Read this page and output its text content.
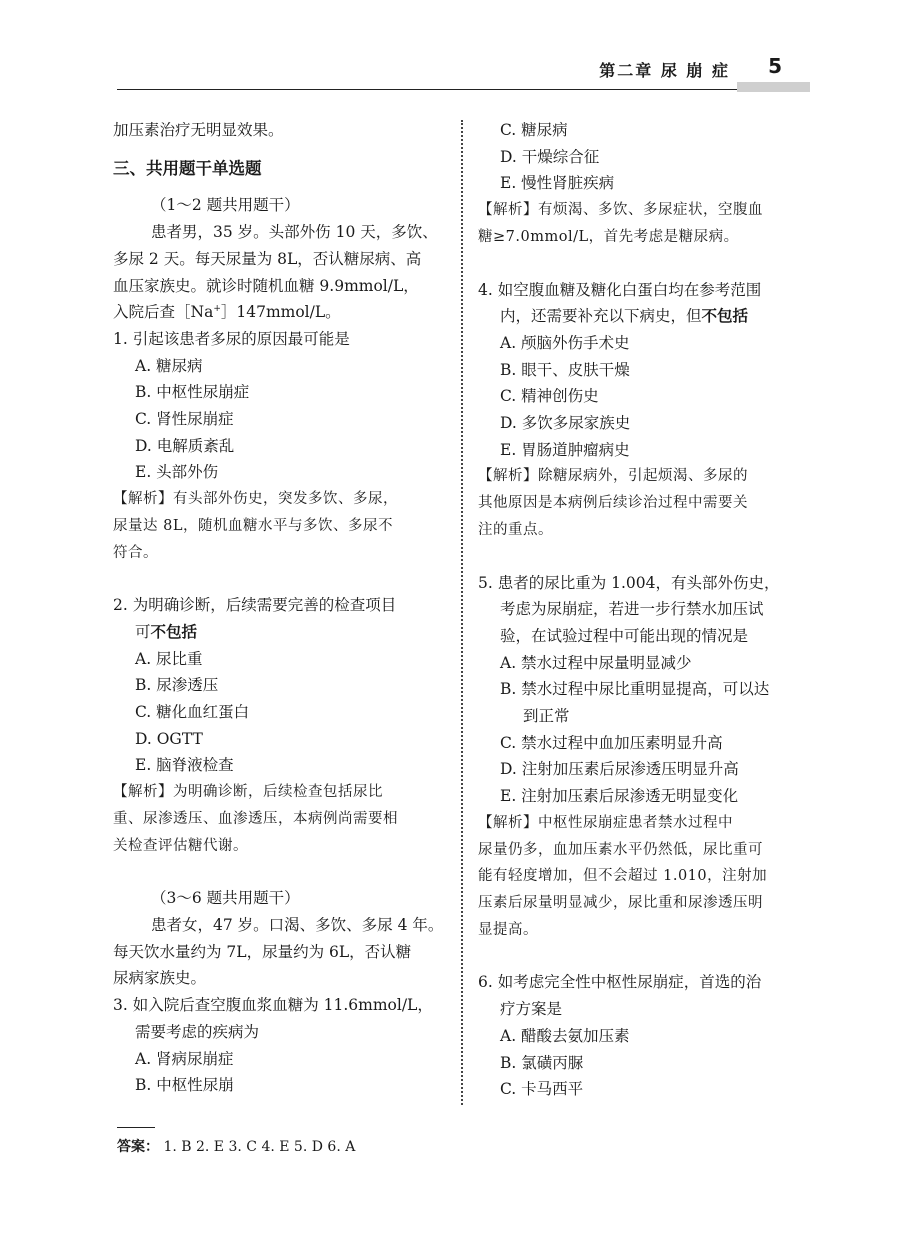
第二章 尿 崩 症 5
加压素治疗无明显效果。
三、共用题干单选题
（1～2 题共用题干）
患者男，35 岁。头部外伤 10 天，多饮、
多尿 2 天。每天尿量为 8L，否认糖尿病、高
血压家族史。就诊时随机血糖 9.9mmol/L，
入院后查［Na+］147mmol/L。
1. 引起该患者多尿的原因最可能是
A. 糖尿病
B. 中枢性尿崩症
C. 肾性尿崩症
D. 电解质紊乱
E. 头部外伤
【解析】有头部外伤史，突发多饮、多尿，
尿量达 8L，随机血糖水平与多饮、多尿不
符合。
2. 为明确诊断，后续需要完善的检查项目
可不包括
A. 尿比重
B. 尿渗透压
C. 糖化血红蛋白
D. OGTT
E. 脑脊液检查
【解析】为明确诊断，后续检查包括尿比
重、尿渗透压、血渗透压，本病例尚需要相
关检查评估糖代谢。
（3～6 题共用题干）
患者女，47 岁。口渴、多饮、多尿 4 年。
每天饮水量约为 7L，尿量约为 6L，否认糖
尿病家族史。
3. 如入院后查空腹血浆血糖为 11.6mmol/L，
需要考虑的疾病为
A. 肾病尿崩症
B. 中枢性尿崩
C. 糖尿病
D. 干燥综合征
E. 慢性肾脏疾病
【解析】有烦渴、多饮、多尿症状，空腹血
糖≥7.0mmol/L，首先考虑是糖尿病。
4. 如空腹血糖及糖化白蛋白均在参考范围
内，还需要补充以下病史，但不包括
A. 颅脑外伤手术史
B. 眼干、皮肤干燥
C. 精神创伤史
D. 多饮多尿家族史
E. 胃肠道肿瘤病史
【解析】除糖尿病外，引起烦渴、多尿的
其他原因是本病例后续诊治过程中需要关
注的重点。
5. 患者的尿比重为 1.004，有头部外伤史，
考虑为尿崩症，若进一步行禁水加压试
验，在试验过程中可能出现的情况是
A. 禁水过程中尿量明显减少
B. 禁水过程中尿比重明显提高，可以达
到正常
C. 禁水过程中血加压素明显升高
D. 注射加压素后尿渗透压明显升高
E. 注射加压素后尿渗透无明显变化
【解析】中枢性尿崩症患者禁水过程中
尿量仍多，血加压素水平仍然低，尿比重可
能有轻度增加，但不会超过 1.010，注射加
压素后尿量明显减少，尿比重和尿渗透压明
显提高。
6. 如考虑完全性中枢性尿崩症，首选的治
疗方案是
A. 醋酸去氨加压素
B. 氯磺丙脲
C. 卡马西平
答案： 1. B 2. E 3. C 4. E 5. D 6. A
